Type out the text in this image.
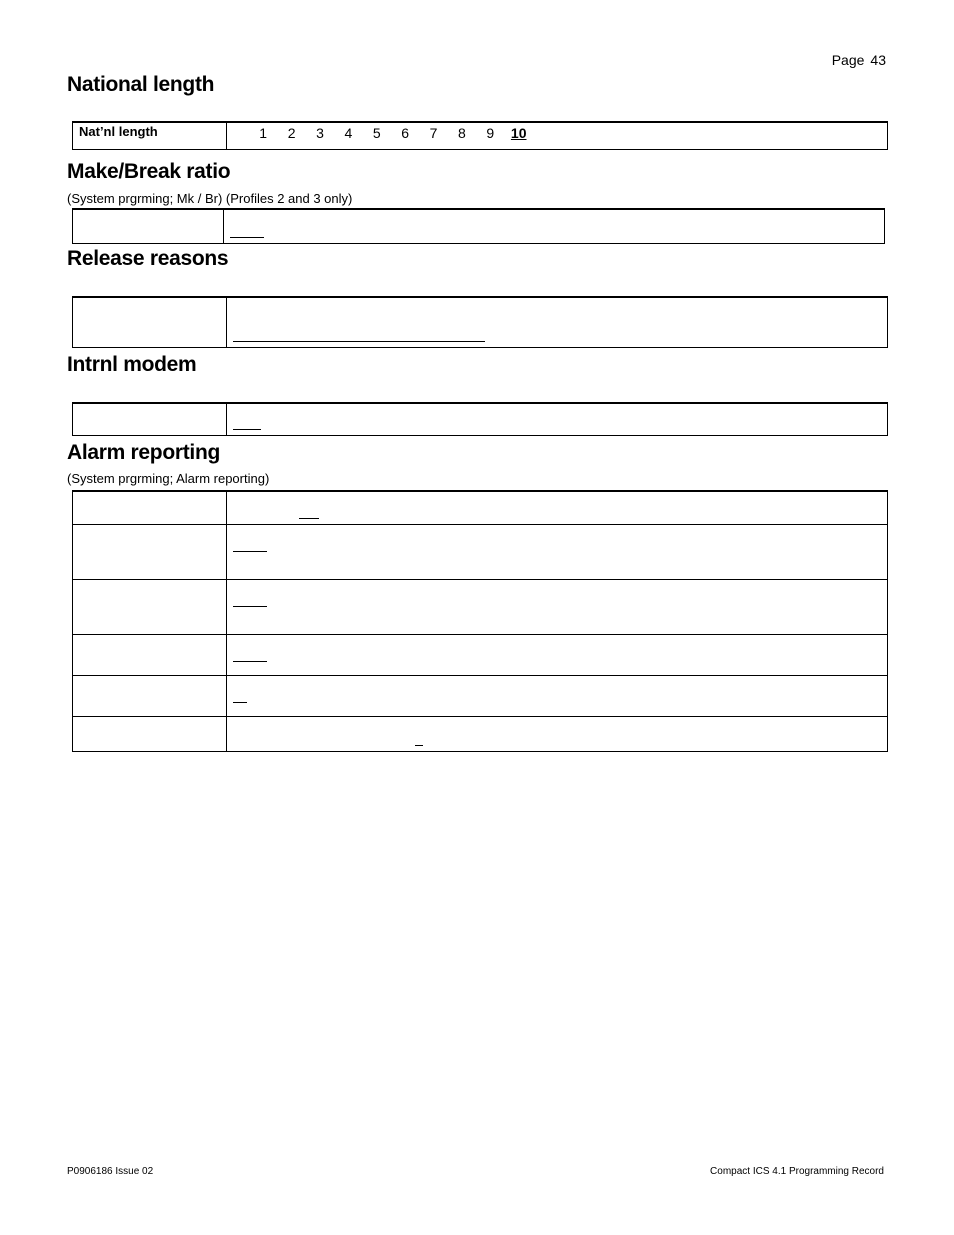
Page 43
National length
Nat’nl length	1 2 3 4 5 6 7 8 9 10
Make/Break ratio
(System prgrming; Mk / Br) (Profiles 2 and 3 only)

Release reasons

Intrnl modem

Alarm reporting
(System prgrming; Alarm reporting)

P0906186 Issue 02	Compact ICS 4.1 Programming Record
